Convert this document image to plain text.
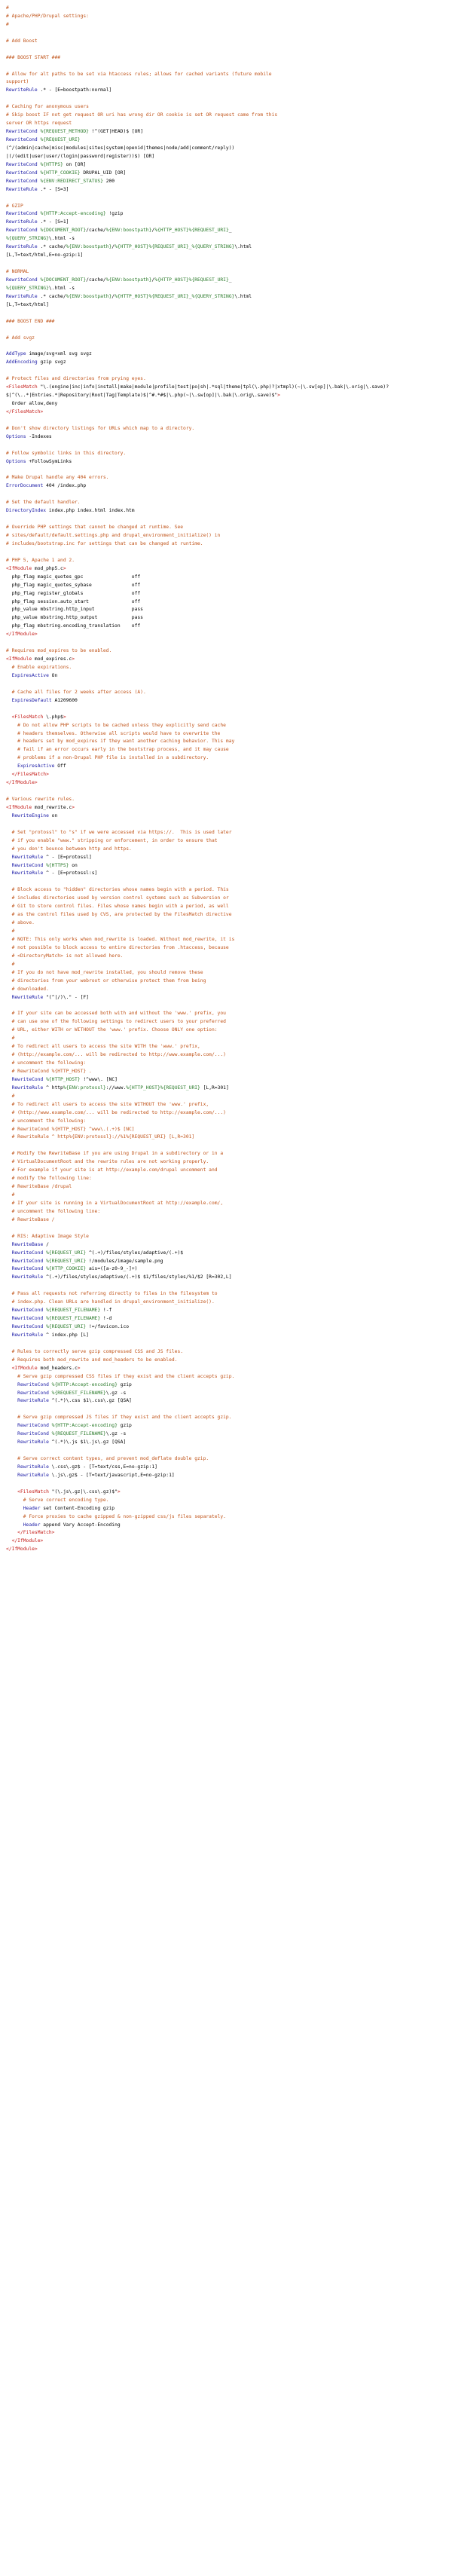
#
# Apache/PHP/Drupal settings:
#
# Add Boost
### BOOST START ###
# Allow for alt paths to be set via htaccess rules; allows for cached variants (future mobile
support)
RewriteRule .* - [E=boostpath:normal]
# Caching for anonymous users
# Skip boost IF not get request OR uri has wrong dir OR cookie is set OR request came from this
server OR https request
RewriteCond %{REQUEST_METHOD} !^(GET|HEAD)$ [OR]
RewriteCond %{REQUEST_URI}
(^/(admin|cache|misc|modules|sites|system|openid|themes|node/add|comment/reply))
|(/(edit|user|user/(login|password|register))$) [OR]
RewriteCond %{HTTPS} on [OR]
RewriteCond %{HTTP_COOKIE} DRUPAL_UID [OR]
RewriteCond %{ENV:REDIRECT_STATUS} 200
RewriteRule .* - [S=3]
# GZIP
RewriteCond %{HTTP:Accept-encoding} !gzip
RewriteRule .* - [S=1]
RewriteCond %{DOCUMENT_ROOT}/cache/%{ENV:boostpath}/%{HTTP_HOST}%{REQUEST_URI}_
%{QUERY_STRING}\.html -s
RewriteRule .* cache/%{ENV:boostpath}/%{HTTP_HOST}%{REQUEST_URI}_%{QUERY_STRING}\.html
[L,T=text/html,E=no-gzip:1]
# NORMAL
RewriteCond %{DOCUMENT_ROOT}/cache/%{ENV:boostpath}/%{HTTP_HOST}%{REQUEST_URI}_
%{QUERY_STRING}\.html -s
RewriteRule .* cache/%{ENV:boostpath}/%{HTTP_HOST}%{REQUEST_URI}_%{QUERY_STRING}\.html
[L,T=text/html]
### BOOST END ###
# Add svgz
AddType image/svg+xml svg svgz
AddEncoding gzip svgz
# Protect files and directories from prying eyes.
<FilesMatch "\.(engine|inc|info|install|make|module|profile|test|po|sh|.*sql|theme|tpl(\.php)?|xtmpl)(~|\.sw[op]|\.bak|\.orig|\.save)?
$|^(\..*|Entries.*|Repository|Root|Tag|Template)$|^#.*#$|\.php(~|\.sw[op]|\.bak|\.orig\.save)$">
Order allow,deny
</FilesMatch>
# Don't show directory listings for URLs which map to a directory.
Options -Indexes
# Follow symbolic links in this directory.
Options +FollowSymLinks
# Make Drupal handle any 404 errors.
ErrorDocument 404 /index.php
# Set the default handler.
DirectoryIndex index.php index.html index.htm
# Override PHP settings that cannot be changed at runtime. See
# sites/default/default.settings.php and drupal_environment_initialize() in
# includes/bootstrap.inc for settings that can be changed at runtime.
# PHP 5, Apache 1 and 2.
<IfModule mod_php5.c>
php_flag magic_quotes_gpc                 off
php_flag magic_quotes_sybase              off
php_flag register_globals                 off
php_flag session.auto_start               off
php_value mbstring.http_input             pass
php_value mbstring.http_output            pass
php_flag mbstring.encoding_translation    off
</IfModule>
# Requires mod_expires to be enabled.
<IfModule mod_expires.c>
# Enable expirations.
ExpiresActive On
# Cache all files for 2 weeks after access (A).
ExpiresDefault A1209600
<FilesMatch \.php$>
# Do not allow PHP scripts to be cached unless they explicitly send cache
# headers themselves. Otherwise all scripts would have to overwrite the
# headers set by mod_expires if they want another caching behavior. This may
# fail if an error occurs early in the bootstrap process, and it may cause
# problems if a non-Drupal PHP file is installed in a subdirectory.
ExpiresActive Off
</FilesMatch>
</IfModule>
# Various rewrite rules.
<IfModule mod_rewrite.c>
RewriteEngine on
# Set "protossl" to "s" if we were accessed via https://.  This is used later
# if you enable "www." stripping or enforcement, in order to ensure that
# you don't bounce between http and https.
RewriteRule ^ - [E=protossl]
RewriteCond %{HTTPS} on
RewriteRule ^ - [E=protossl:s]
# Block access to "hidden" directories whose names begin with a period. This
# includes directories used by version control systems such as Subversion or
# Git to store control files. Files whose names begin with a period, as well
# as the control files used by CVS, are protected by the FilesMatch directive
# above.
#
# NOTE: This only works when mod_rewrite is loaded. Without mod_rewrite, it is
# not possible to block access to entire directories from .htaccess, because
# <DirectoryMatch> is not allowed here.
#
# If you do not have mod_rewrite installed, you should remove these
# directories from your webroot or otherwise protect them from being
# downloaded.
RewriteRule "(^|/)\." - [F]
# If your site can be accessed both with and without the 'www.' prefix, you
# can use one of the following settings to redirect users to your preferred
# URL, either WITH or WITHOUT the 'www.' prefix. Choose ONLY one option:
#
# To redirect all users to access the site WITH the 'www.' prefix,
# (http://example.com/... will be redirected to http://www.example.com/...)
# uncomment the following:
# RewriteCond %{HTTP_HOST} .
RewriteCond %{HTTP_HOST} !^www\. [NC]
RewriteRule ^ http%{ENV:protossl}://www.%{HTTP_HOST}%{REQUEST_URI} [L,R=301]
#
# To redirect all users to access the site WITHOUT the 'www.' prefix,
# (http://www.example.com/... will be redirected to http://example.com/...)
# uncomment the following:
# RewriteCond %{HTTP_HOST} ^www\.(.+)$ [NC]
# RewriteRule ^ http%{ENV:protossl}://%1%{REQUEST_URI} [L,R=301]
# Modify the RewriteBase if you are using Drupal in a subdirectory or in a
# VirtualDocumentRoot and the rewrite rules are not working properly.
# For example if your site is at http://example.com/drupal uncomment and
# modify the following line:
# RewriteBase /drupal
#
# If your site is running in a VirtualDocumentRoot at http://example.com/,
# uncomment the following line:
# RewriteBase /
# RIS: Adaptive Image Style
RewriteBase /
RewriteCond %{REQUEST_URI} ^(.+)/files/styles/adaptive/(.+)$
RewriteCond %{REQUEST_URI} !/modules/image/sample.png
RewriteCond %{HTTP_COOKIE} ais=([a-z0-9_-]+)
RewriteRule ^(.+)/files/styles/adaptive/(.+)$ $1/files/styles/%1/$2 [R=302,L]
# Pass all requests not referring directly to files in the filesystem to
# index.php. Clean URLs are handled in drupal_environment_initialize().
RewriteCond %{REQUEST_FILENAME} !-f
RewriteCond %{REQUEST_FILENAME} !-d
RewriteCond %{REQUEST_URI} !=/favicon.ico
RewriteRule ^ index.php [L]
# Rules to correctly serve gzip compressed CSS and JS files.
# Requires both mod_rewrite and mod_headers to be enabled.
<IfModule mod_headers.c>
# Serve gzip compressed CSS files if they exist and the client accepts gzip.
RewriteCond %{HTTP:Accept-encoding} gzip
RewriteCond %{REQUEST_FILENAME}\.gz -s
RewriteRule ^(.*)\.css $1\.css\.gz [QSA]
# Serve gzip compressed JS files if they exist and the client accepts gzip.
RewriteCond %{HTTP:Accept-encoding} gzip
RewriteCond %{REQUEST_FILENAME}\.gz -s
RewriteRule ^(.*)\.js $1\.js\.gz [QSA]
# Serve correct content types, and prevent mod_deflate double gzip.
RewriteRule \.css\.gz$ - [T=text/css,E=no-gzip:1]
RewriteRule \.js\.gz$ - [T=text/javascript,E=no-gzip:1]
<FilesMatch "(\.js\.gz|\.css\.gz)$">
# Serve correct encoding type.
Header set Content-Encoding gzip
# Force proxies to cache gzipped & non-gzipped css/js files separately.
Header append Vary Accept-Encoding
</FilesMatch>
</IfModule>
</IfModule>
